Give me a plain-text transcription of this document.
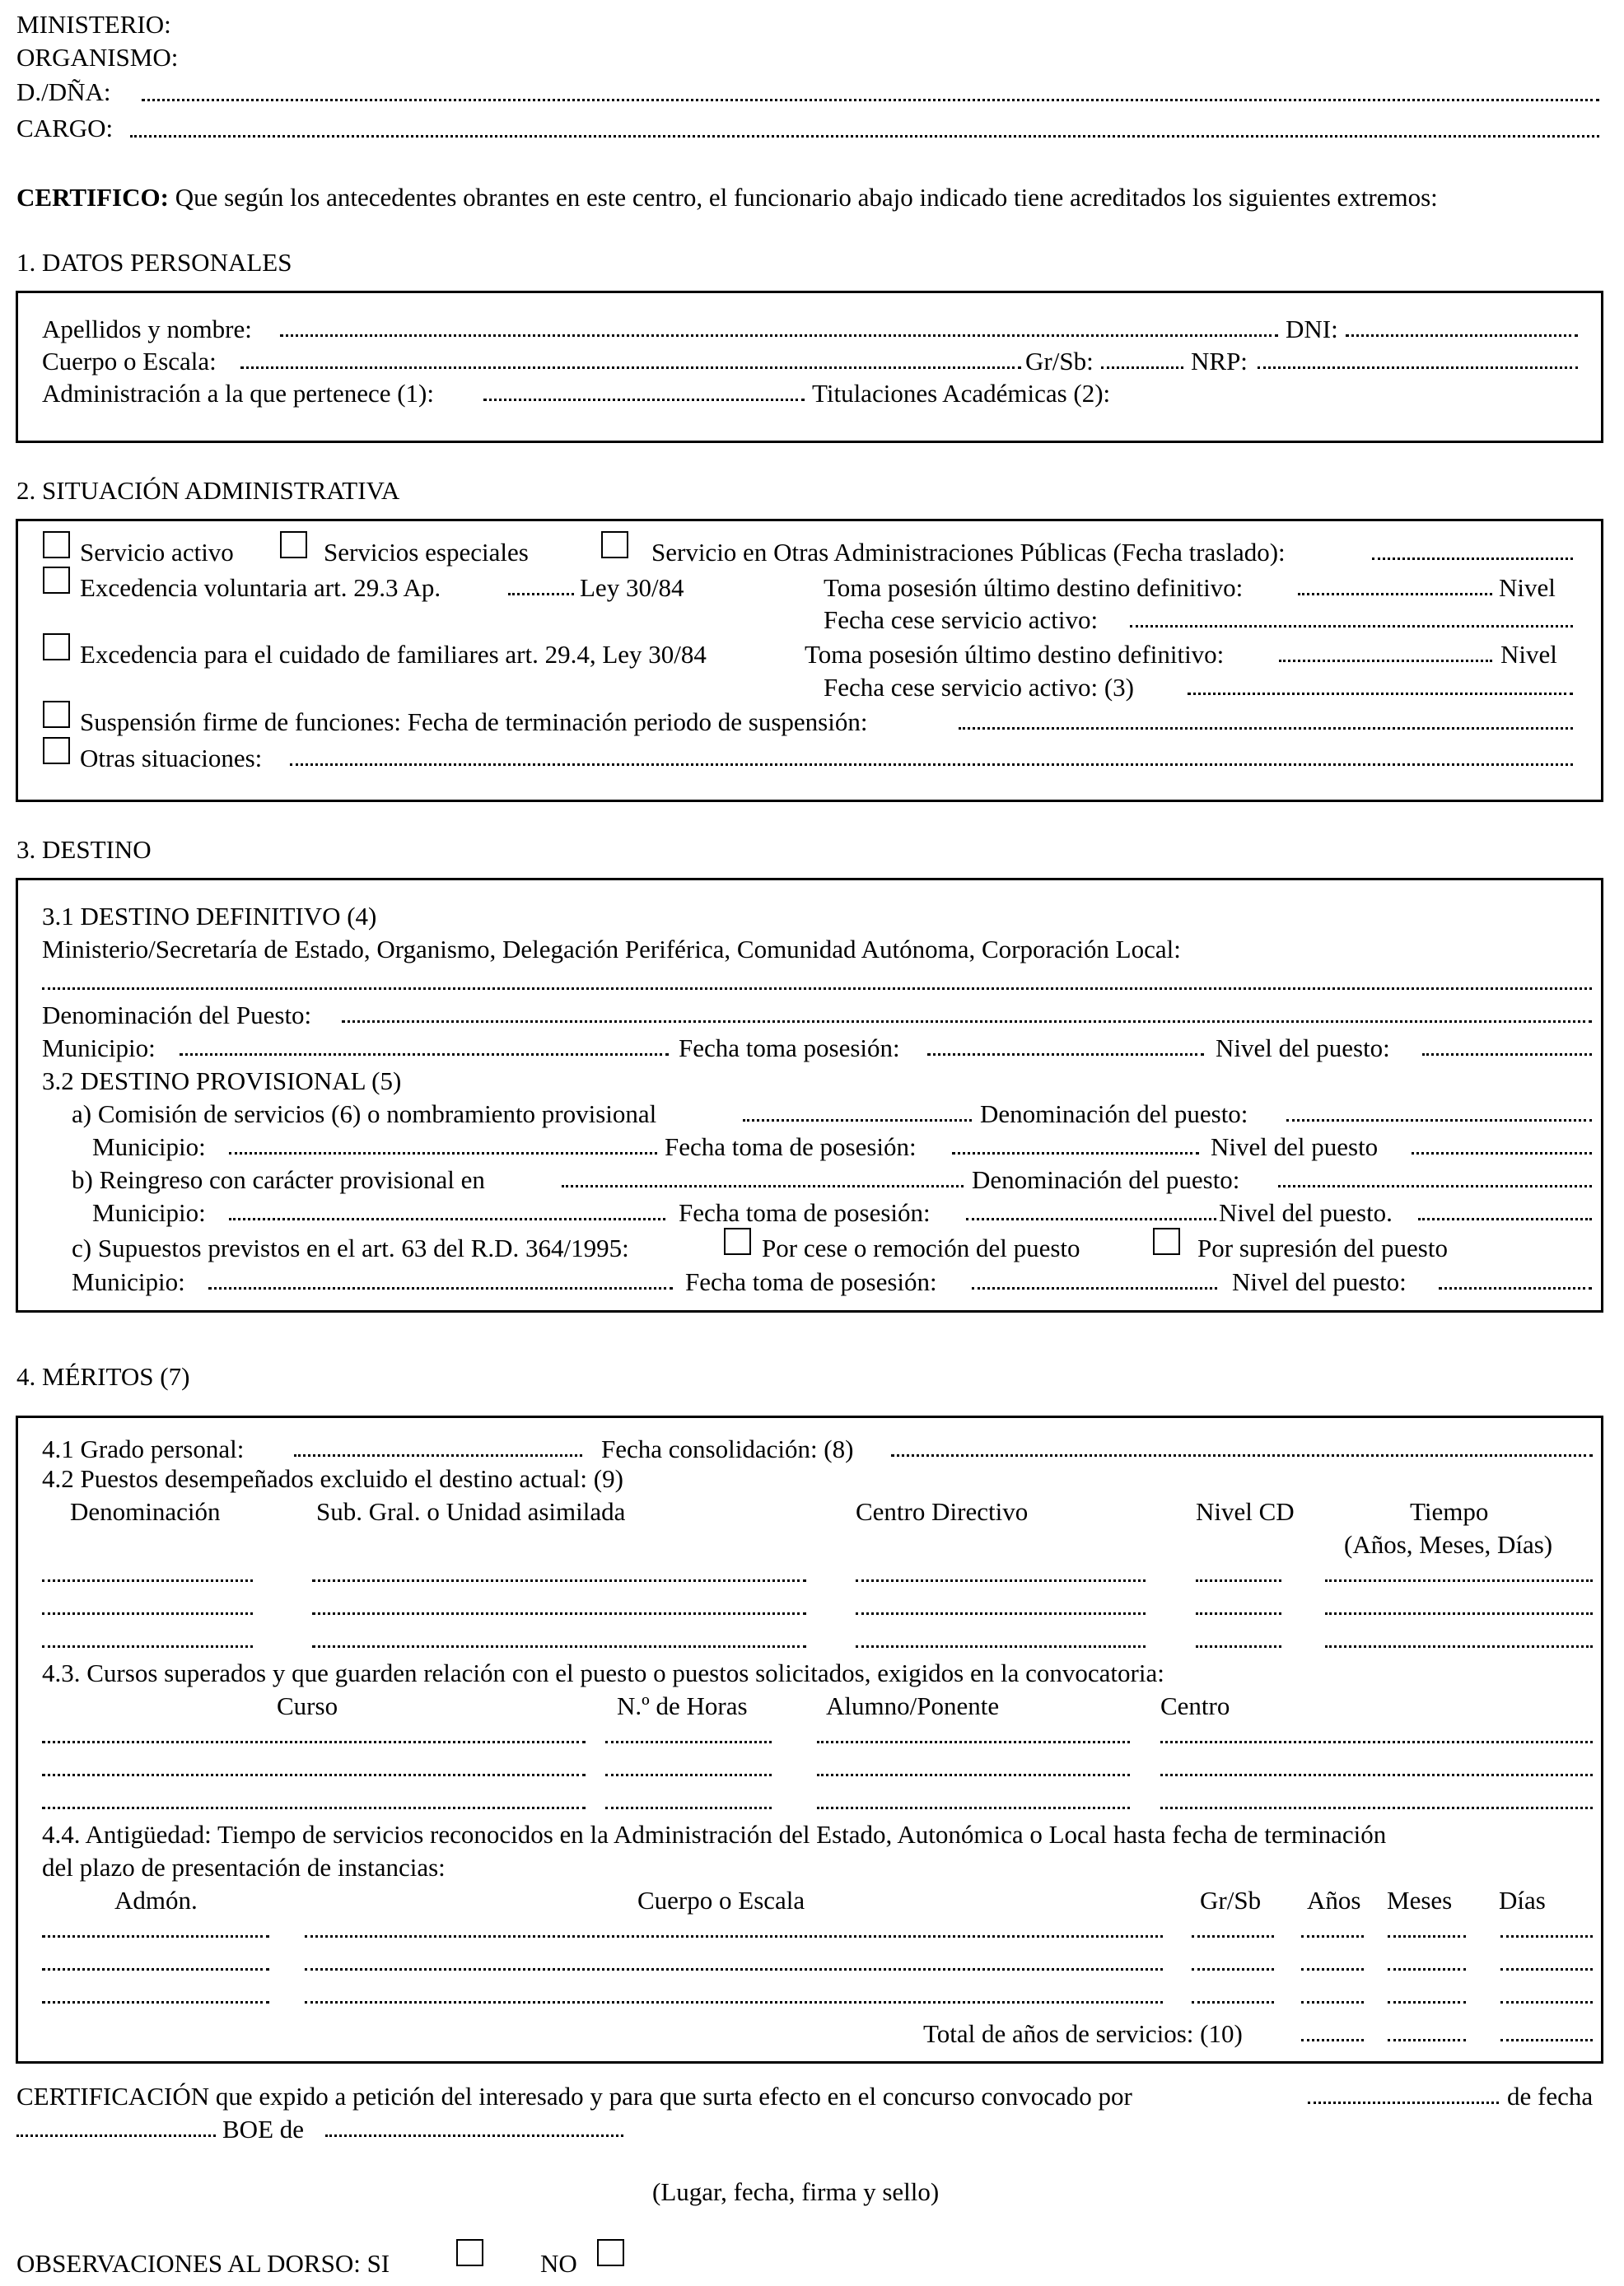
MINISTERIO:
ORGANISMO:
D./DÑA:
CARGO:
CERTIFICO: Que según los antecedentes obrantes en este centro, el funcionario abajo indicado tiene acreditados los siguientes extremos:
1. DATOS PERSONALES
Apellidos y nombre:	DNI:
Cuerpo o Escala:	Gr/Sb:	NRP:
Administración a la que pertenece (1):	Titulaciones Académicas (2):
2. SITUACIÓN ADMINISTRATIVA
Servicio activo	Servicios especiales	Servicio en Otras Administraciones Públicas (Fecha traslado):
Excedencia voluntaria art. 29.3 Ap.	Ley 30/84	Toma posesión último destino definitivo:	Nivel
Fecha cese servicio activo:
Excedencia para el cuidado de familiares art. 29.4, Ley 30/84	Toma posesión último destino definitivo:	Nivel
Fecha cese servicio activo: (3)
Suspensión firme de funciones: Fecha de terminación periodo de suspensión:
Otras situaciones:
3. DESTINO
3.1 DESTINO DEFINITIVO (4)
Ministerio/Secretaría de Estado, Organismo, Delegación Periférica, Comunidad Autónoma, Corporación Local:
Denominación del Puesto:
Municipio:	Fecha toma posesión:	Nivel del puesto:
3.2 DESTINO PROVISIONAL (5)
a) Comisión de servicios (6) o nombramiento provisional	Denominación del puesto:
Municipio:	Fecha toma de posesión:	Nivel del puesto
b) Reingreso con carácter provisional en	Denominación del puesto:
Municipio:	Fecha toma de posesión:	Nivel del puesto.
c) Supuestos previstos en el art. 63 del R.D. 364/1995:	Por cese o remoción del puesto	Por supresión del puesto
Municipio:	Fecha toma de posesión:	Nivel del puesto:
4. MÉRITOS (7)
4.1 Grado personal:	Fecha consolidación: (8)
4.2 Puestos desempeñados excluido el destino actual: (9)
Denominación	Sub. Gral. o Unidad asimilada	Centro Directivo	Nivel CD	Tiempo
(Años, Meses, Días)
4.3. Cursos superados y que guarden relación con el puesto o puestos solicitados, exigidos en la convocatoria:
Curso	N.º de Horas	Alumno/Ponente	Centro
4.4. Antigüedad: Tiempo de servicios reconocidos en la Administración del Estado, Autonómica o Local hasta fecha de terminación
del plazo de presentación de instancias:
Admón.	Cuerpo o Escala	Gr/Sb Años Meses Días
Total de años de servicios: (10)
CERTIFICACIÓN que expido a petición del interesado y para que surta efecto en el concurso convocado por	de fecha
BOE de
(Lugar, fecha, firma y sello)
OBSERVACIONES AL DORSO: SI	NO
